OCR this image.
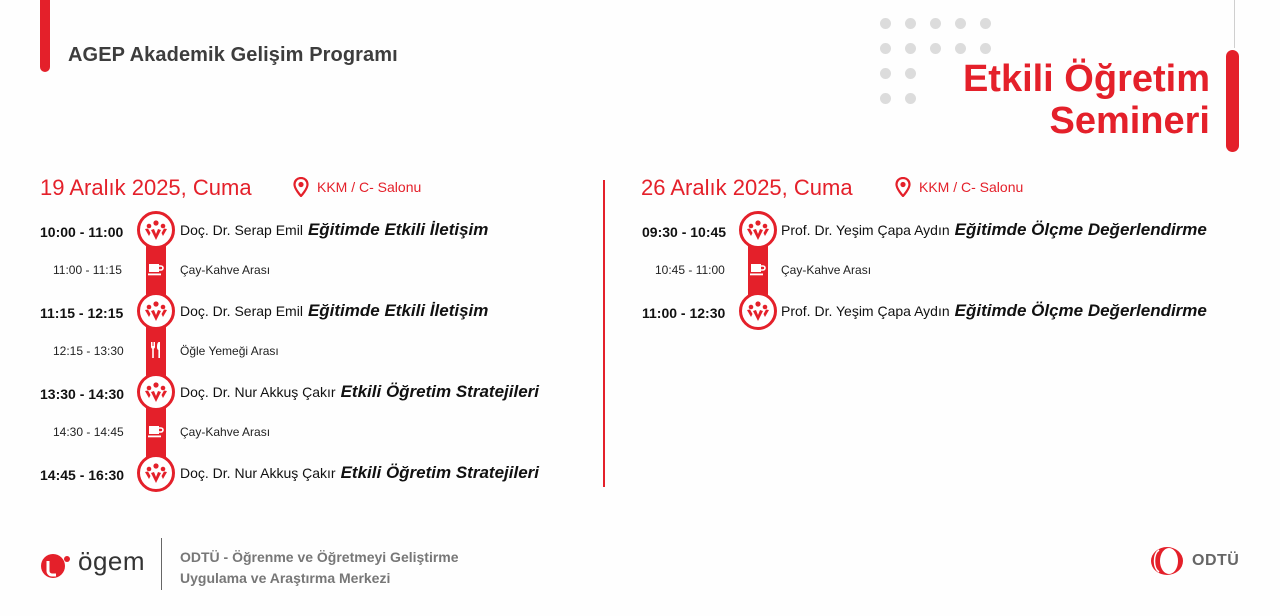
AGEP Akademik Gelişim Programı
Etkili Öğretim
Semineri
19 Aralık 2025, Cuma	KKM / C- Salonu
10:00 - 11:00	Doç. Dr. Serap Emil Eğitimde Etkili İletişim
11:00 - 11:15	Çay-Kahve Arası
11:15 - 12:15	Doç. Dr. Serap Emil Eğitimde Etkili İletişim
12:15 - 13:30	Öğle Yemeği Arası
13:30 - 14:30	Doç. Dr. Nur Akkuş Çakır Etkili Öğretim Stratejileri
14:30 - 14:45	Çay-Kahve Arası
14:45 - 16:30	Doç. Dr. Nur Akkuş Çakır Etkili Öğretim Stratejileri
26 Aralık 2025, Cuma	KKM / C- Salonu
09:30 - 10:45	Prof. Dr. Yeşim Çapa Aydın Eğitimde Ölçme Değerlendirme
10:45 - 11:00	Çay-Kahve Arası
11:00 - 12:30	Prof. Dr. Yeşim Çapa Aydın Eğitimde Ölçme Değerlendirme
ögem ODTÜ - Öğrenme ve Öğretmeyi Geliştirme
Uygulama ve Araştırma Merkezi
ODTÜ
